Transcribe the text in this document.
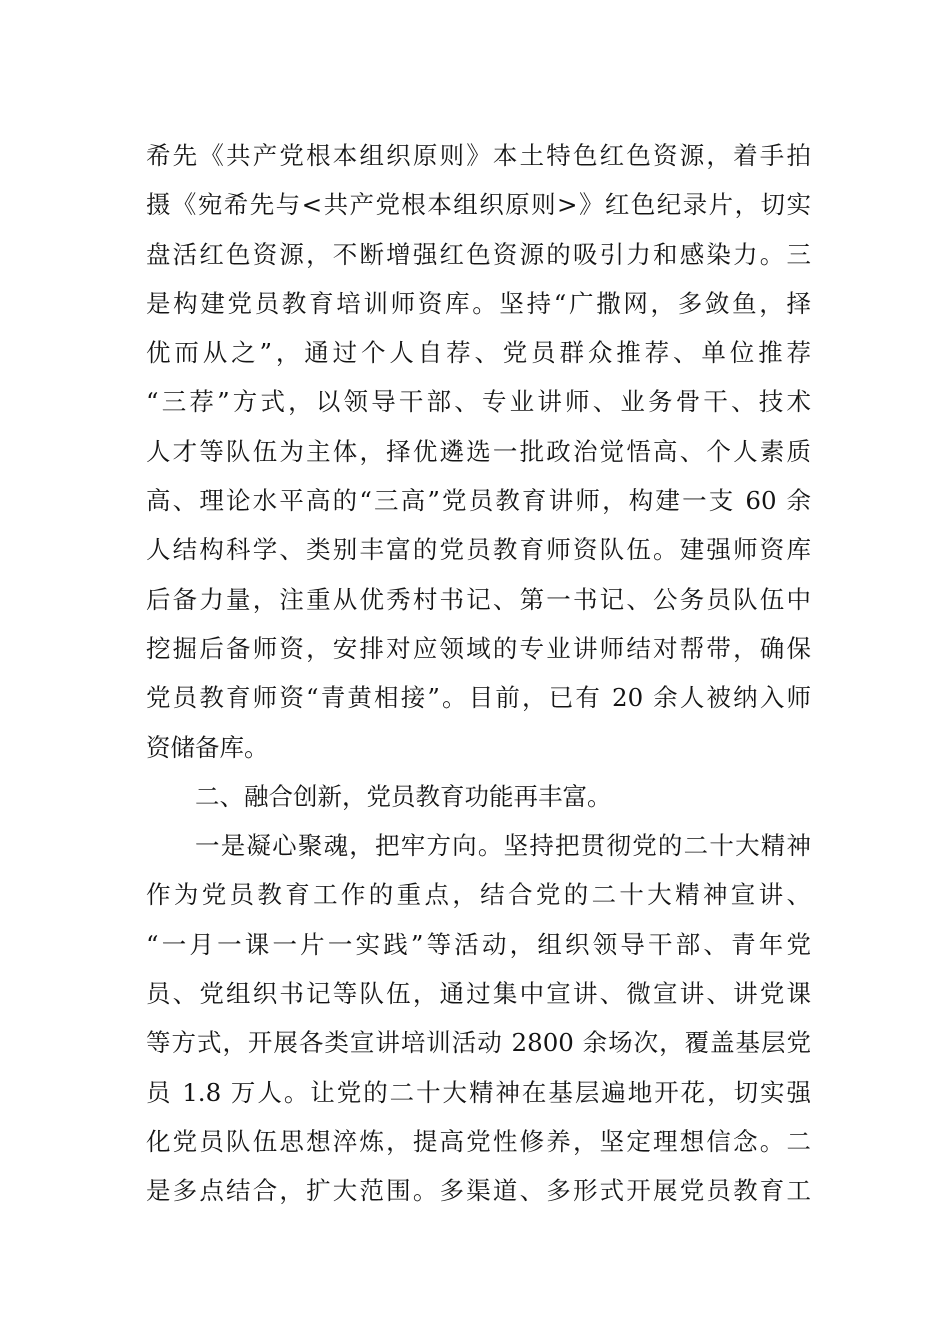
希先《共产党根本组织原则》本土特色红色资源，着手拍
摄《宛希先与<共产党根本组织原则>》红色纪录片，切实
盘活红色资源，不断增强红色资源的吸引力和感染力。三
是构建党员教育培训师资库。坚持“广撒网，多敛鱼，择
优而从之”，通过个人自荐、党员群众推荐、单位推荐
“三荐”方式，以领导干部、专业讲师、业务骨干、技术
人才等队伍为主体，择优遴选一批政治觉悟高、个人素质
高、理论水平高的“三高”党员教育讲师，构建一支 60 余
人结构科学、类别丰富的党员教育师资队伍。建强师资库
后备力量，注重从优秀村书记、第一书记、公务员队伍中
挖掘后备师资，安排对应领域的专业讲师结对帮带，确保
党员教育师资“青黄相接”。目前，已有 20 余人被纳入师
资储备库。
二、融合创新，党员教育功能再丰富。
一是凝心聚魂，把牢方向。坚持把贯彻党的二十大精神
作为党员教育工作的重点，结合党的二十大精神宣讲、
“一月一课一片一实践”等活动，组织领导干部、青年党
员、党组织书记等队伍，通过集中宣讲、微宣讲、讲党课
等方式，开展各类宣讲培训活动 2800 余场次，覆盖基层党
员 1.8 万人。让党的二十大精神在基层遍地开花，切实强
化党员队伍思想淬炼，提高党性修养，坚定理想信念。二
是多点结合，扩大范围。多渠道、多形式开展党员教育工
